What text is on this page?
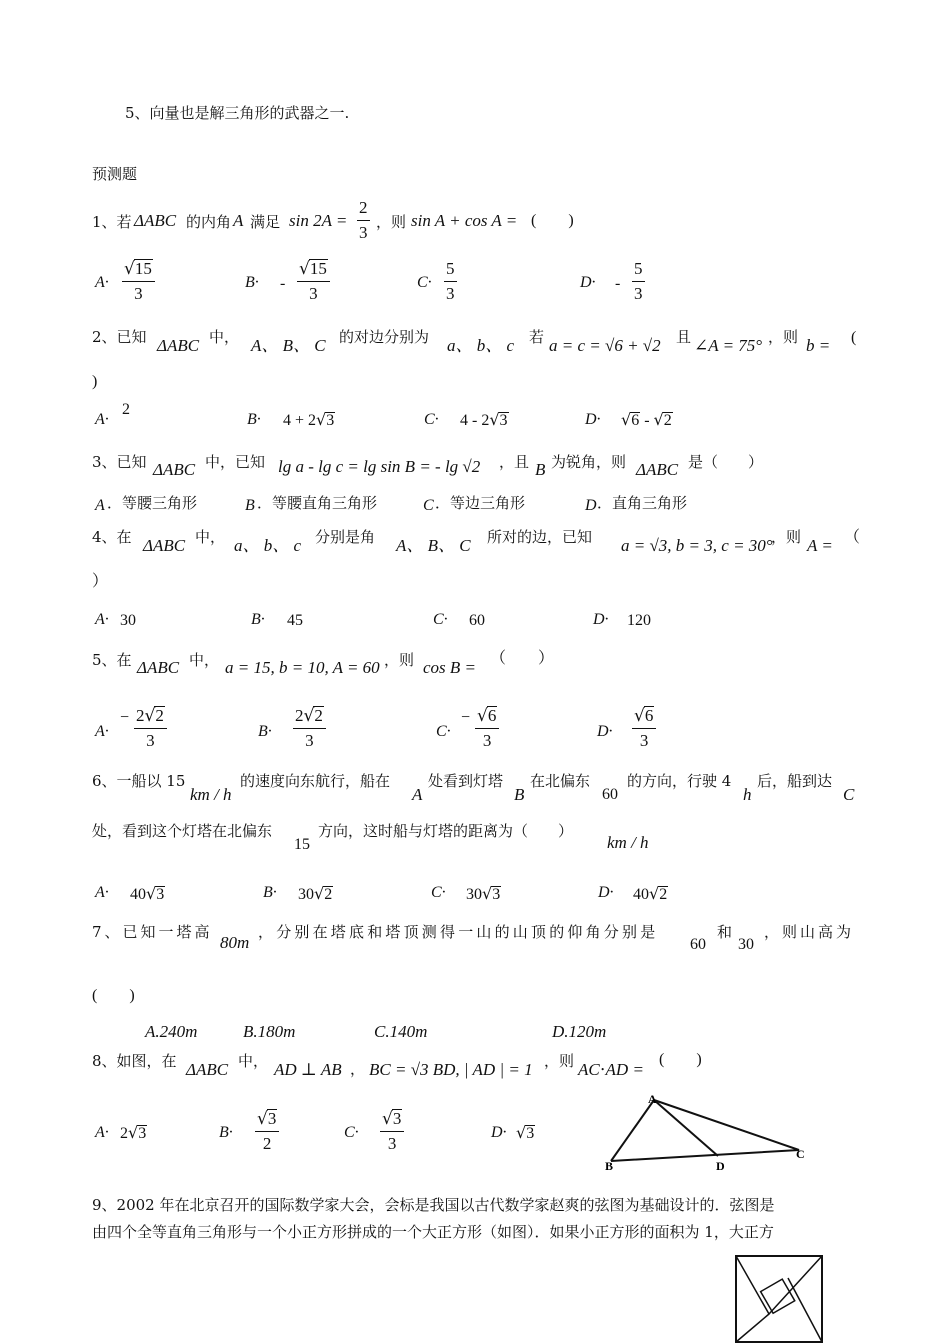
5、向量也是解三角形的武器之一.
预测题
1、若 ΔABC 的内角 A 满足 sin 2A =
2
3
，则 sin A + cos A = (　　)
A·
√15
3
B· -
√15
3
C·
5
3
D· -
5
3
2、已知 ΔABC 中， A、 B、 C 的对边分别为 a、 b、 c 若 a = c = √6 + √2 且 ∠A = 75° ，则 b = (
)
A·
2
B· 4 + 2√3	C· 4 - 2√3	D· √6 - √2
3、已知 ΔABC 中，已知 lg a - lg c = lg sin B = - lg √2 ，且 B 为锐角，则 ΔABC 是（　　）
A ．等腰三角形	B ．等腰直角三角形	C ．等边三角形	D ．直角三角形
4、在 ΔABC 中， a、 b、 c 分别是角 A、 B、 C 所对的边，已知 a = √3, b = 3, c = 30°
，则 A = （
）
A· 30	B· 45	C· 60	D· 120
5、在 ΔABC 中， a = 15, b = 10, A = 60 ，则 cos B = （　　）
A·
− 2√2
3	B·
2√2
3	C·
− √6
3	D·
√6
3
6、一船以 15
km / h
的速度向东航行，船在
A
处看到灯塔
B
在北偏东
60
的方向，行驶 4
h
后，船到达
C
处，看到这个灯塔在北偏东
15
方向，这时船与灯塔的距离为（　　）
km / h
A· 40√3	B· 30√2	C· 30√3	D· 40√2
7、已知一塔高
80m
，分别在塔底和塔顶测得一山的山顶的仰角分别是
60
和
30
，则山高为
(　　)
A.240m	B.180m	C.140m	D.120m
8、如图，在 ΔABC 中， AD ⊥ AB ， BC = √3 BD, | AD | = 1 ，则 AC⋅AD =
(　　)
A· 2√3	B·
√3
2
C·
√3
3
D· √3
A
B	D
C
9、2002 年在北京召开的国际数学家大会，会标是我国以古代数学家赵爽的弦图为基础设计的．弦图是
由四个全等直角三角形与一个小正方形拼成的一个大正方形（如图）．如果小正方形的面积为 1，大正方
